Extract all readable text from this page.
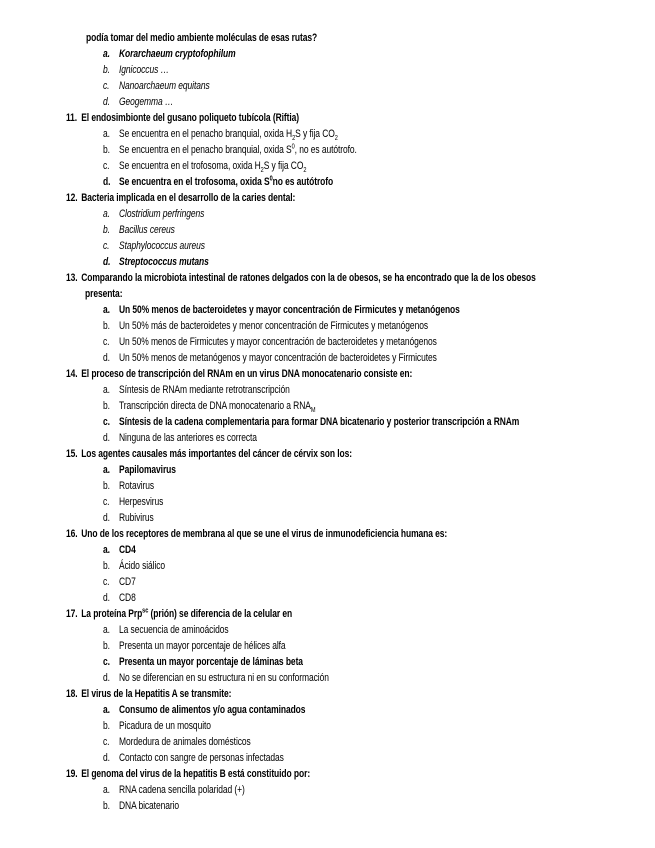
podía tomar del medio ambiente moléculas de esas rutas?
a. Korarchaeum cryptofophilum
b. Ignicoccus …
c. Nanoarchaeum equitans
d. Geogemma …
11. El endosimbionte del gusano poliqueto tubícola (Riftia)
a. Se encuentra en el penacho branquial, oxida $H_2S$ y fija $CO_2$
b. Se encuentra en el penacho branquial, oxida $S^0$, no es autótrofo.
c. Se encuentra en el trofosoma, oxida $H_2S$ y fija $CO_2$
d. Se encuentra en el trofosoma, oxida $S^0no$ es autótrofo
12. Bacteria implicada en el desarrollo de la caries dental:
a. Clostridium perfringens
b. Bacillus cereus
c. Staphylococcus aureus
d. Streptococcus mutans
13. Comparando la microbiota intestinal de ratones delgados con la de obesos, se ha encontrado que la de los obesos
presenta:
a. Un 50% menos de bacteroidetes y mayor concentración de Firmicutes y metanógenos
b. Un 50% más de bacteroidetes y menor concentración de Firmicutes y metanógenos
c. Un 50% menos de Firmicutes y mayor concentración de bacteroidetes y metanógenos
d. Un 50% menos de metanógenos y mayor concentración de bacteroidetes y Firmicutes
14. El proceso de transcripción del RNAm en un virus DNA monocatenario consiste en:
a. Síntesis de RNAm mediante retrotranscripción
b. Transcripción directa de DNA monocatenario a $RNA_M$
c. Síntesis de la cadena complementaria para formar DNA bicatenario y posterior transcripción a RNAm
d. Ninguna de las anteriores es correcta
15. Los agentes causales más importantes del cáncer de cérvix son los:
a. Papilomavirus
b. Rotavirus
c. Herpesvirus
d. Rubivirus
16. Uno de los receptores de membrana al que se une el virus de inmunodeficiencia humana es:
a. CD4
b. Ácido siálico
c. CD7
d. CD8
17. La proteína Prp$^{sc}$ (prión) se diferencia de la celular en
a. La secuencia de aminoácidos
b. Presenta un mayor porcentaje de hélices alfa
c. Presenta un mayor porcentaje de láminas beta
d. No se diferencian en su estructura ni en su conformación
18. El virus de la Hepatitis A se transmite:
a. Consumo de alimentos y/o agua contaminados
b. Picadura de un mosquito
c. Mordedura de animales domésticos
d. Contacto con sangre de personas infectadas
19. El genoma del virus de la hepatitis B está constituido por:
a. RNA cadena sencilla polaridad (+)
b. DNA bicatenario
